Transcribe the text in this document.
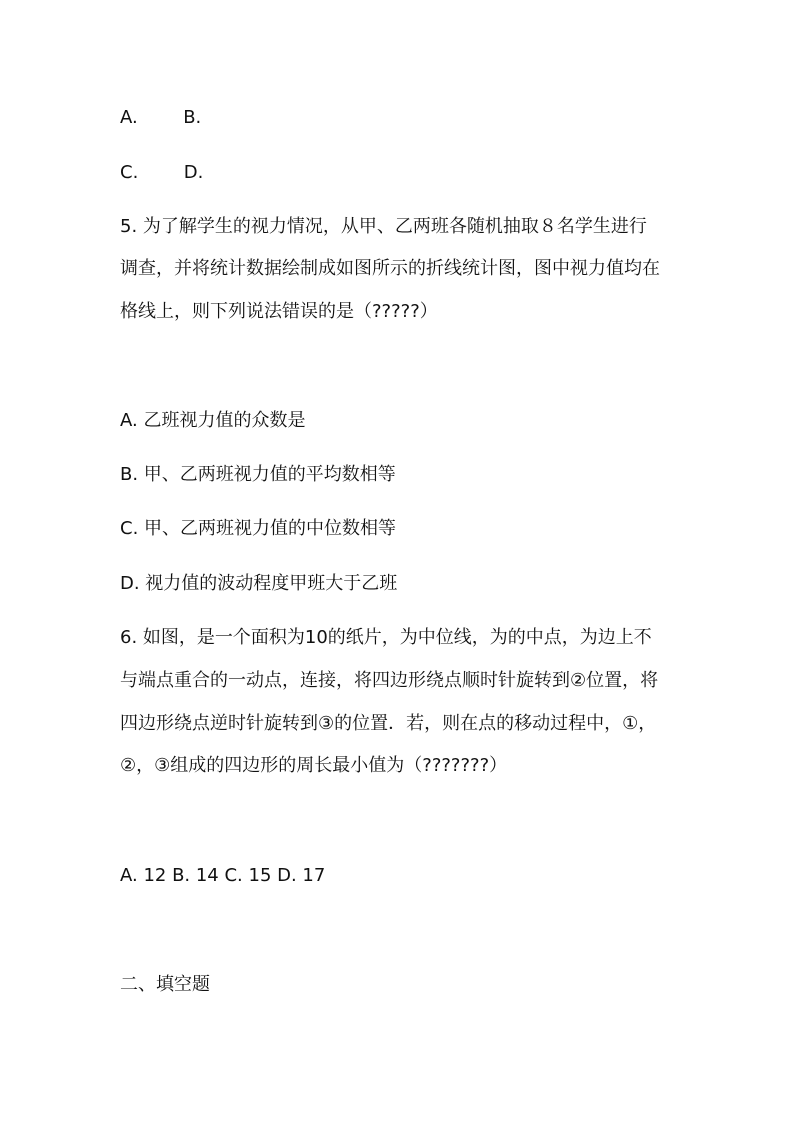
A.	B.
C.	D.
5. 为了解学生的视力情况，从甲、乙两班各随机抽取８名学生进行
调查，并将统计数据绘制成如图所示的折线统计图，图中视力值均在
格线上，则下列说法错误的是（?????）
A. 乙班视力值的众数是
B. 甲、乙两班视力值的平均数相等
C. 甲、乙两班视力值的中位数相等
D. 视力值的波动程度甲班大于乙班
6. 如图，是一个面积为10的纸片，为中位线，为的中点，为边上不
与端点重合的一动点，连接，将四边形绕点顺时针旋转到②位置，将
四边形绕点逆时针旋转到③的位置．若，则在点的移动过程中，①，
②，③组成的四边形的周长最小值为（???????）
A. 12 B. 14 C. 15 D. 17
二、填空题
